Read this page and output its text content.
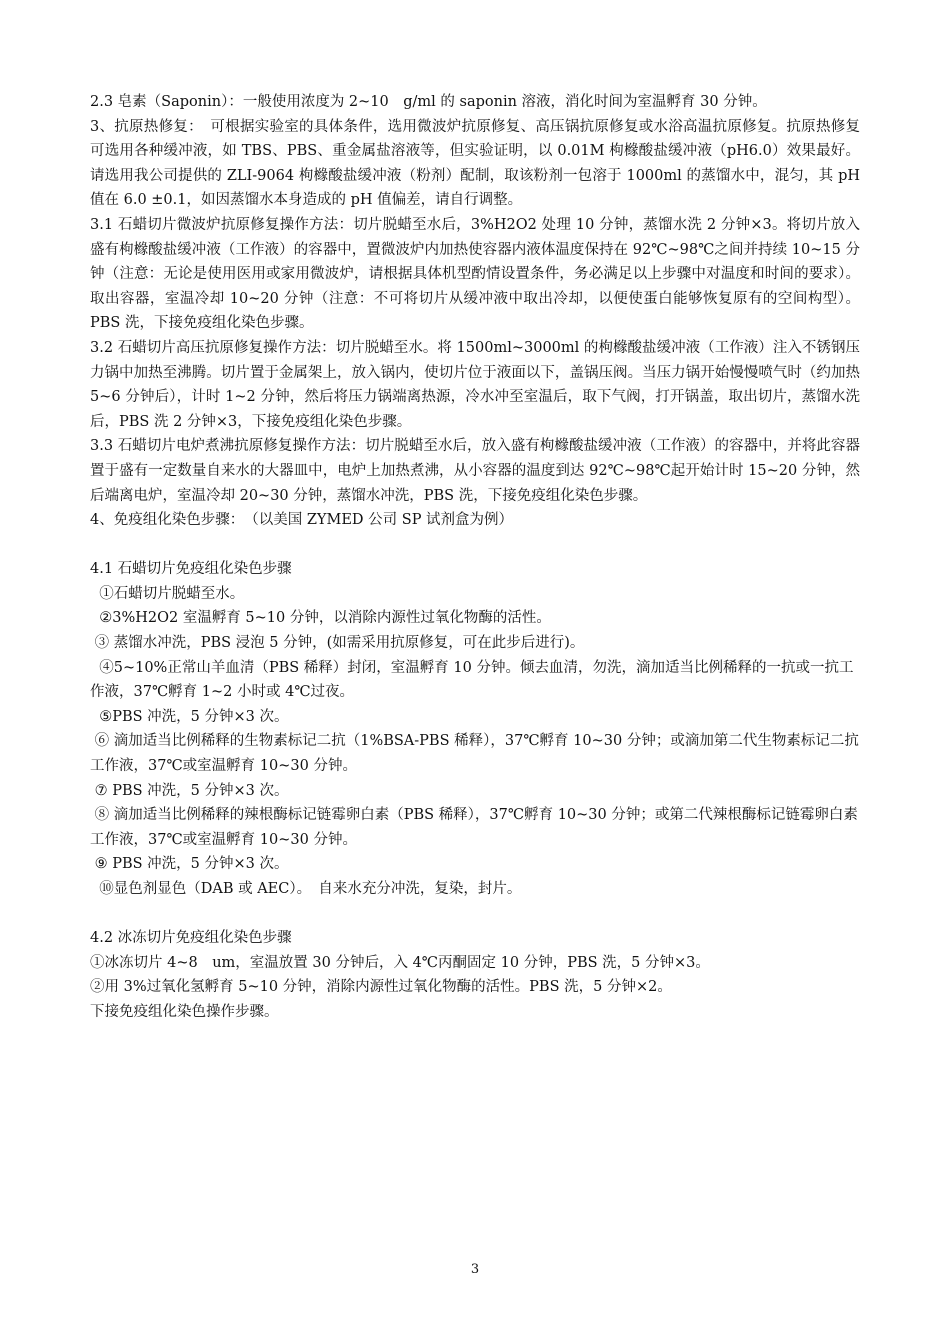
2.3 皂素（Saponin）：一般使用浓度为 2~10　g/ml 的 saponin 溶液，消化时间为室温孵育 30 分钟。

3、抗原热修复：　可根据实验室的具体条件，选用微波炉抗原修复、高压锅抗原修复或水浴高温抗原修复。抗原热修复可选用各种缓冲液，如 TBS、PBS、重金属盐溶液等，但实验证明，以 0.01M 枸橼酸盐缓冲液（pH6.0）效果最好。请选用我公司提供的 ZLI-9064 枸橼酸盐缓冲液（粉剂）配制，取该粉剂一包溶于 1000ml 的蒸馏水中，混匀，其 pH 值在 6.0 ±0.1，如因蒸馏水本身造成的 pH 值偏差，请自行调整。

3.1 石蜡切片微波炉抗原修复操作方法：切片脱蜡至水后，3%H2O2 处理 10 分钟，蒸馏水洗 2 分钟×3。将切片放入盛有枸橼酸盐缓冲液（工作液）的容器中，置微波炉内加热使容器内液体温度保持在 92℃~98℃之间并持续 10~15 分钟（注意：无论是使用医用或家用微波炉，请根据具体机型酌情设置条件，务必满足以上步骤中对温度和时间的要求）。取出容器，室温冷却 10~20 分钟（注意：不可将切片从缓冲液中取出冷却，以便使蛋白能够恢复原有的空间构型）。PBS 洗，下接免疫组化染色步骤。

3.2 石蜡切片高压抗原修复操作方法：切片脱蜡至水。将 1500ml~3000ml 的枸橼酸盐缓冲液（工作液）注入不锈钢压力锅中加热至沸腾。切片置于金属架上，放入锅内，使切片位于液面以下，盖锅压阀。当压力锅开始慢慢喷气时（约加热 5~6 分钟后），计时 1~2 分钟，然后将压力锅端离热源，冷水冲至室温后，取下气阀，打开锅盖，取出切片，蒸馏水洗后，PBS 洗 2 分钟×3，下接免疫组化染色步骤。

3.3 石蜡切片电炉煮沸抗原修复操作方法：切片脱蜡至水后，放入盛有枸橼酸盐缓冲液（工作液）的容器中，并将此容器置于盛有一定数量自来水的大器皿中，电炉上加热煮沸，从小容器的温度到达 92℃~98℃起开始计时 15~20 分钟，然后端离电炉，室温冷却 20~30 分钟，蒸馏水冲洗，PBS 洗，下接免疫组化染色步骤。

4、免疫组化染色步骤：　（以美国 ZYMED 公司 SP 试剂盒为例）

4.1 石蜡切片免疫组化染色步骤

①石蜡切片脱蜡至水。

②3%H2O2 室温孵育 5~10 分钟，以消除内源性过氧化物酶的活性。

③ 蒸馏水冲洗，PBS 浸泡 5 分钟，(如需采用抗原修复，可在此步后进行)。

④5~10%正常山羊血清（PBS 稀释）封闭，室温孵育 10 分钟。倾去血清，勿洗，滴加适当比例稀释的一抗或一抗工作液，37℃孵育 1~2 小时或 4℃过夜。

⑤PBS 冲洗，5 分钟×3 次。

⑥ 滴加适当比例稀释的生物素标记二抗（1%BSA-PBS 稀释），37℃孵育 10~30 分钟；或滴加第二代生物素标记二抗工作液，37℃或室温孵育 10~30 分钟。

⑦ PBS 冲洗，5 分钟×3 次。

⑧ 滴加适当比例稀释的辣根酶标记链霉卵白素（PBS 稀释），37℃孵育 10~30 分钟；或第二代辣根酶标记链霉卵白素工作液，37℃或室温孵育 10~30 分钟。

⑨ PBS 冲洗，5 分钟×3 次。

⑩显色剂显色（DAB 或 AEC）。　自来水充分冲洗，复染，封片。

4.2 冰冻切片免疫组化染色步骤

①冰冻切片 4~8　um，室温放置 30 分钟后，入 4℃丙酮固定 10 分钟，PBS 洗，5 分钟×3。

②用 3%过氧化氢孵育 5~10 分钟，消除内源性过氧化物酶的活性。PBS 洗，5 分钟×2。

下接免疫组化染色操作步骤。

3
